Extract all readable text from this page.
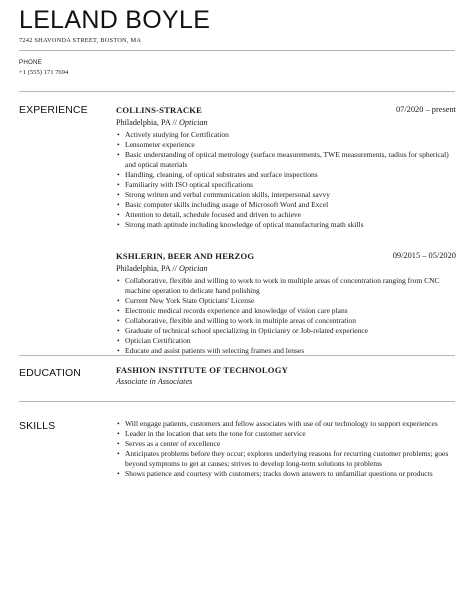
LELAND BOYLE
7242 SHAVONDA STREET, BOSTON, MA
PHONE
+1 (555) 171 7694
EXPERIENCE	COLLINS-STRACKE	07/2020 – present
Philadelphia, PA // Optician
• Actively studying for Certification
• Lensometer experience
• Basic understanding of optical metrology (surface measurements, TWE measurements, radius for spherical) and optical materials
• Handling, cleaning, of optical substrates and surface inspections
• Familiarity with ISO optical specifications
• Strong written and verbal communication skills, interpersonal savvy
• Basic computer skills including usage of Microsoft Word and Excel
• Attention to detail, schedule focused and driven to achieve
• Strong math aptitude including knowledge of optical manufacturing math skills
KSHLERIN, BEER AND HERZOG	09/2015 – 05/2020
Philadelphia, PA // Optician
• Collaborative, flexible and willing to work to work in multiple areas of concentration ranging from CNC machine operation to delicate hand polishing
• Current New York State Opticians' License
• Electronic medical records experience and knowledge of vision care plans
• Collaborative, flexible and willing to work in multiple areas of concentration
• Graduate of technical school specializing in Opticianry or Job-related experience
• Optician Certification
• Educate and assist patients with selecting frames and lenses
EDUCATION	FASHION INSTITUTE OF TECHNOLOGY
Associate in Associates
SKILLS
•	Will engage patients, customers and fellow associates with use of our technology to support experiences
• Leader in the location that sets the tone for customer service
• Serves as a center of excellence
• Anticipates problems before they occur; explores underlying reasons for recurring customer problems; goes beyond symptoms to get at causes; strives to develop long-term solutions to problems
• Shows patience and courtesy with customers; tracks down answers to unfamiliar questions or products
